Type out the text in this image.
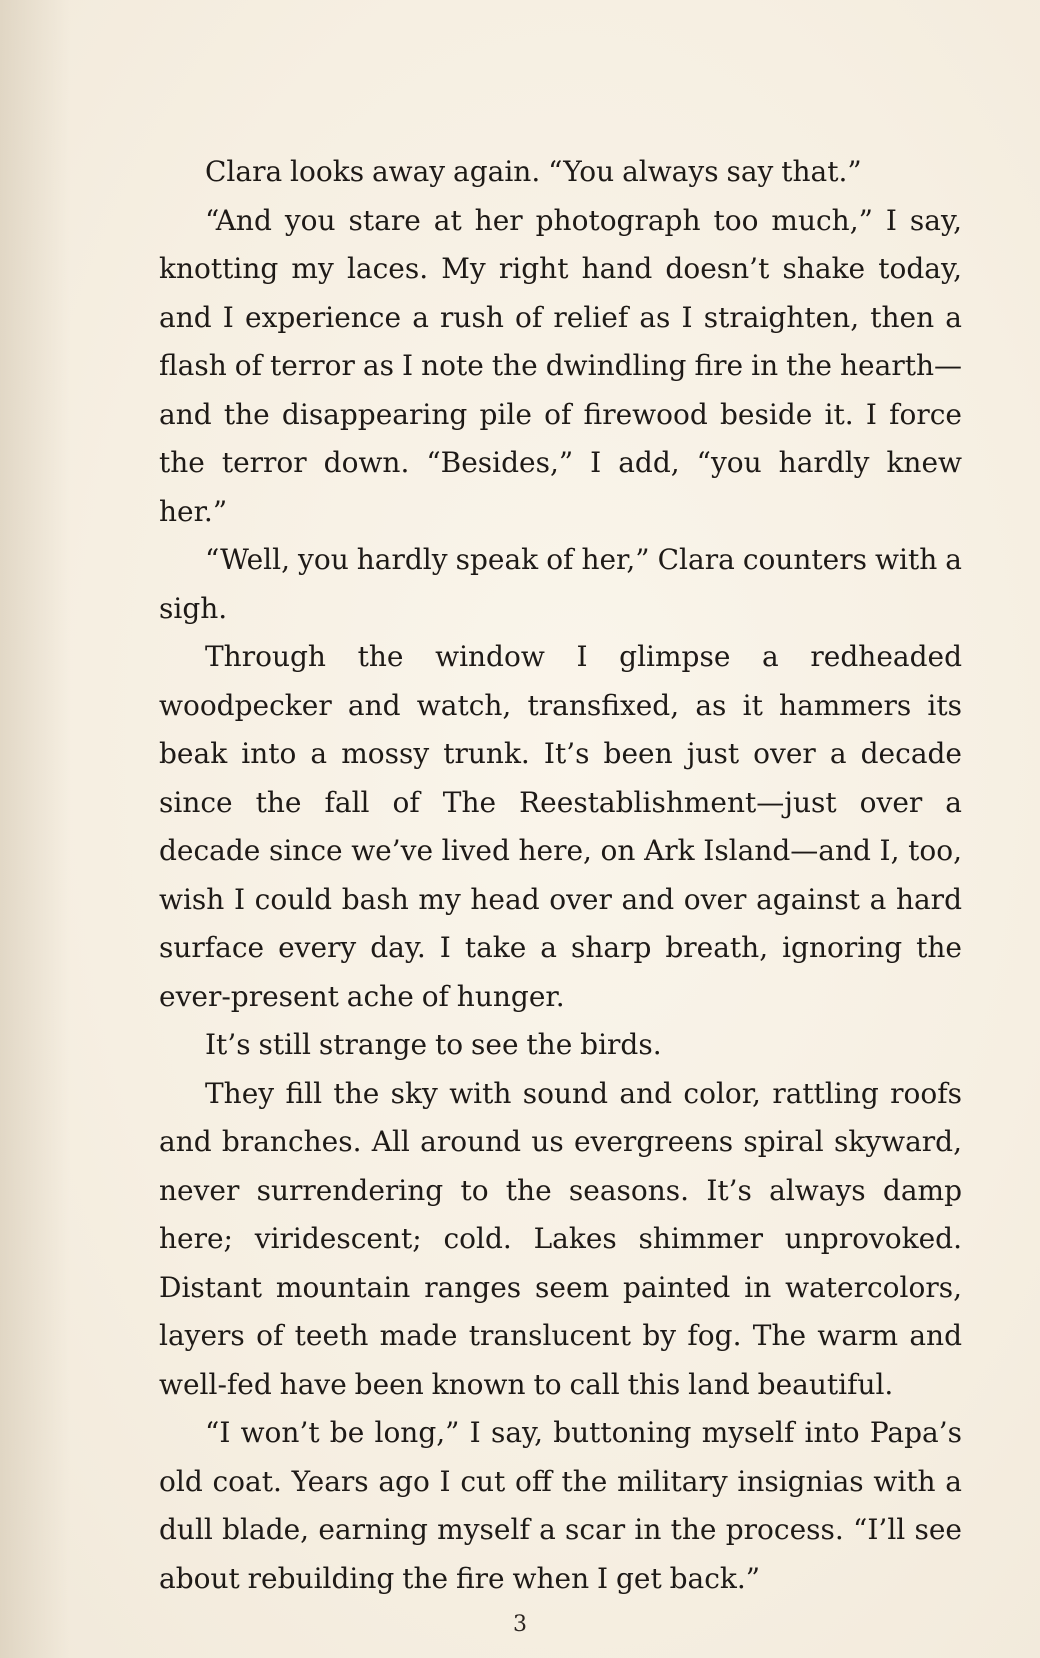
Clara looks away again. “You always say that.”

“And you stare at her photograph too much,” I say, knotting my laces. My right hand doesn’t shake today, and I experience a rush of relief as I straighten, then a flash of terror as I note the dwindling fire in the hearth—and the disappearing pile of firewood beside it. I force the terror down. “Besides,” I add, “you hardly knew her.”

“Well, you hardly speak of her,” Clara counters with a sigh.

Through the window I glimpse a redheaded woodpecker and watch, transfixed, as it hammers its beak into a mossy trunk. It’s been just over a decade since the fall of The Reestablishment—just over a decade since we’ve lived here, on Ark Island—and I, too, wish I could bash my head over and over against a hard surface every day. I take a sharp breath, ignoring the ever-present ache of hunger.

It’s still strange to see the birds.

They fill the sky with sound and color, rattling roofs and branches. All around us evergreens spiral skyward, never surrendering to the seasons. It’s always damp here; viridescent; cold. Lakes shimmer unprovoked. Distant mountain ranges seem painted in watercolors, layers of teeth made translucent by fog. The warm and well-fed have been known to call this land beautiful.

“I won’t be long,” I say, buttoning myself into Papa’s old coat. Years ago I cut off the military insignias with a dull blade, earning myself a scar in the process. “I’ll see about rebuilding the fire when I get back.”

3
